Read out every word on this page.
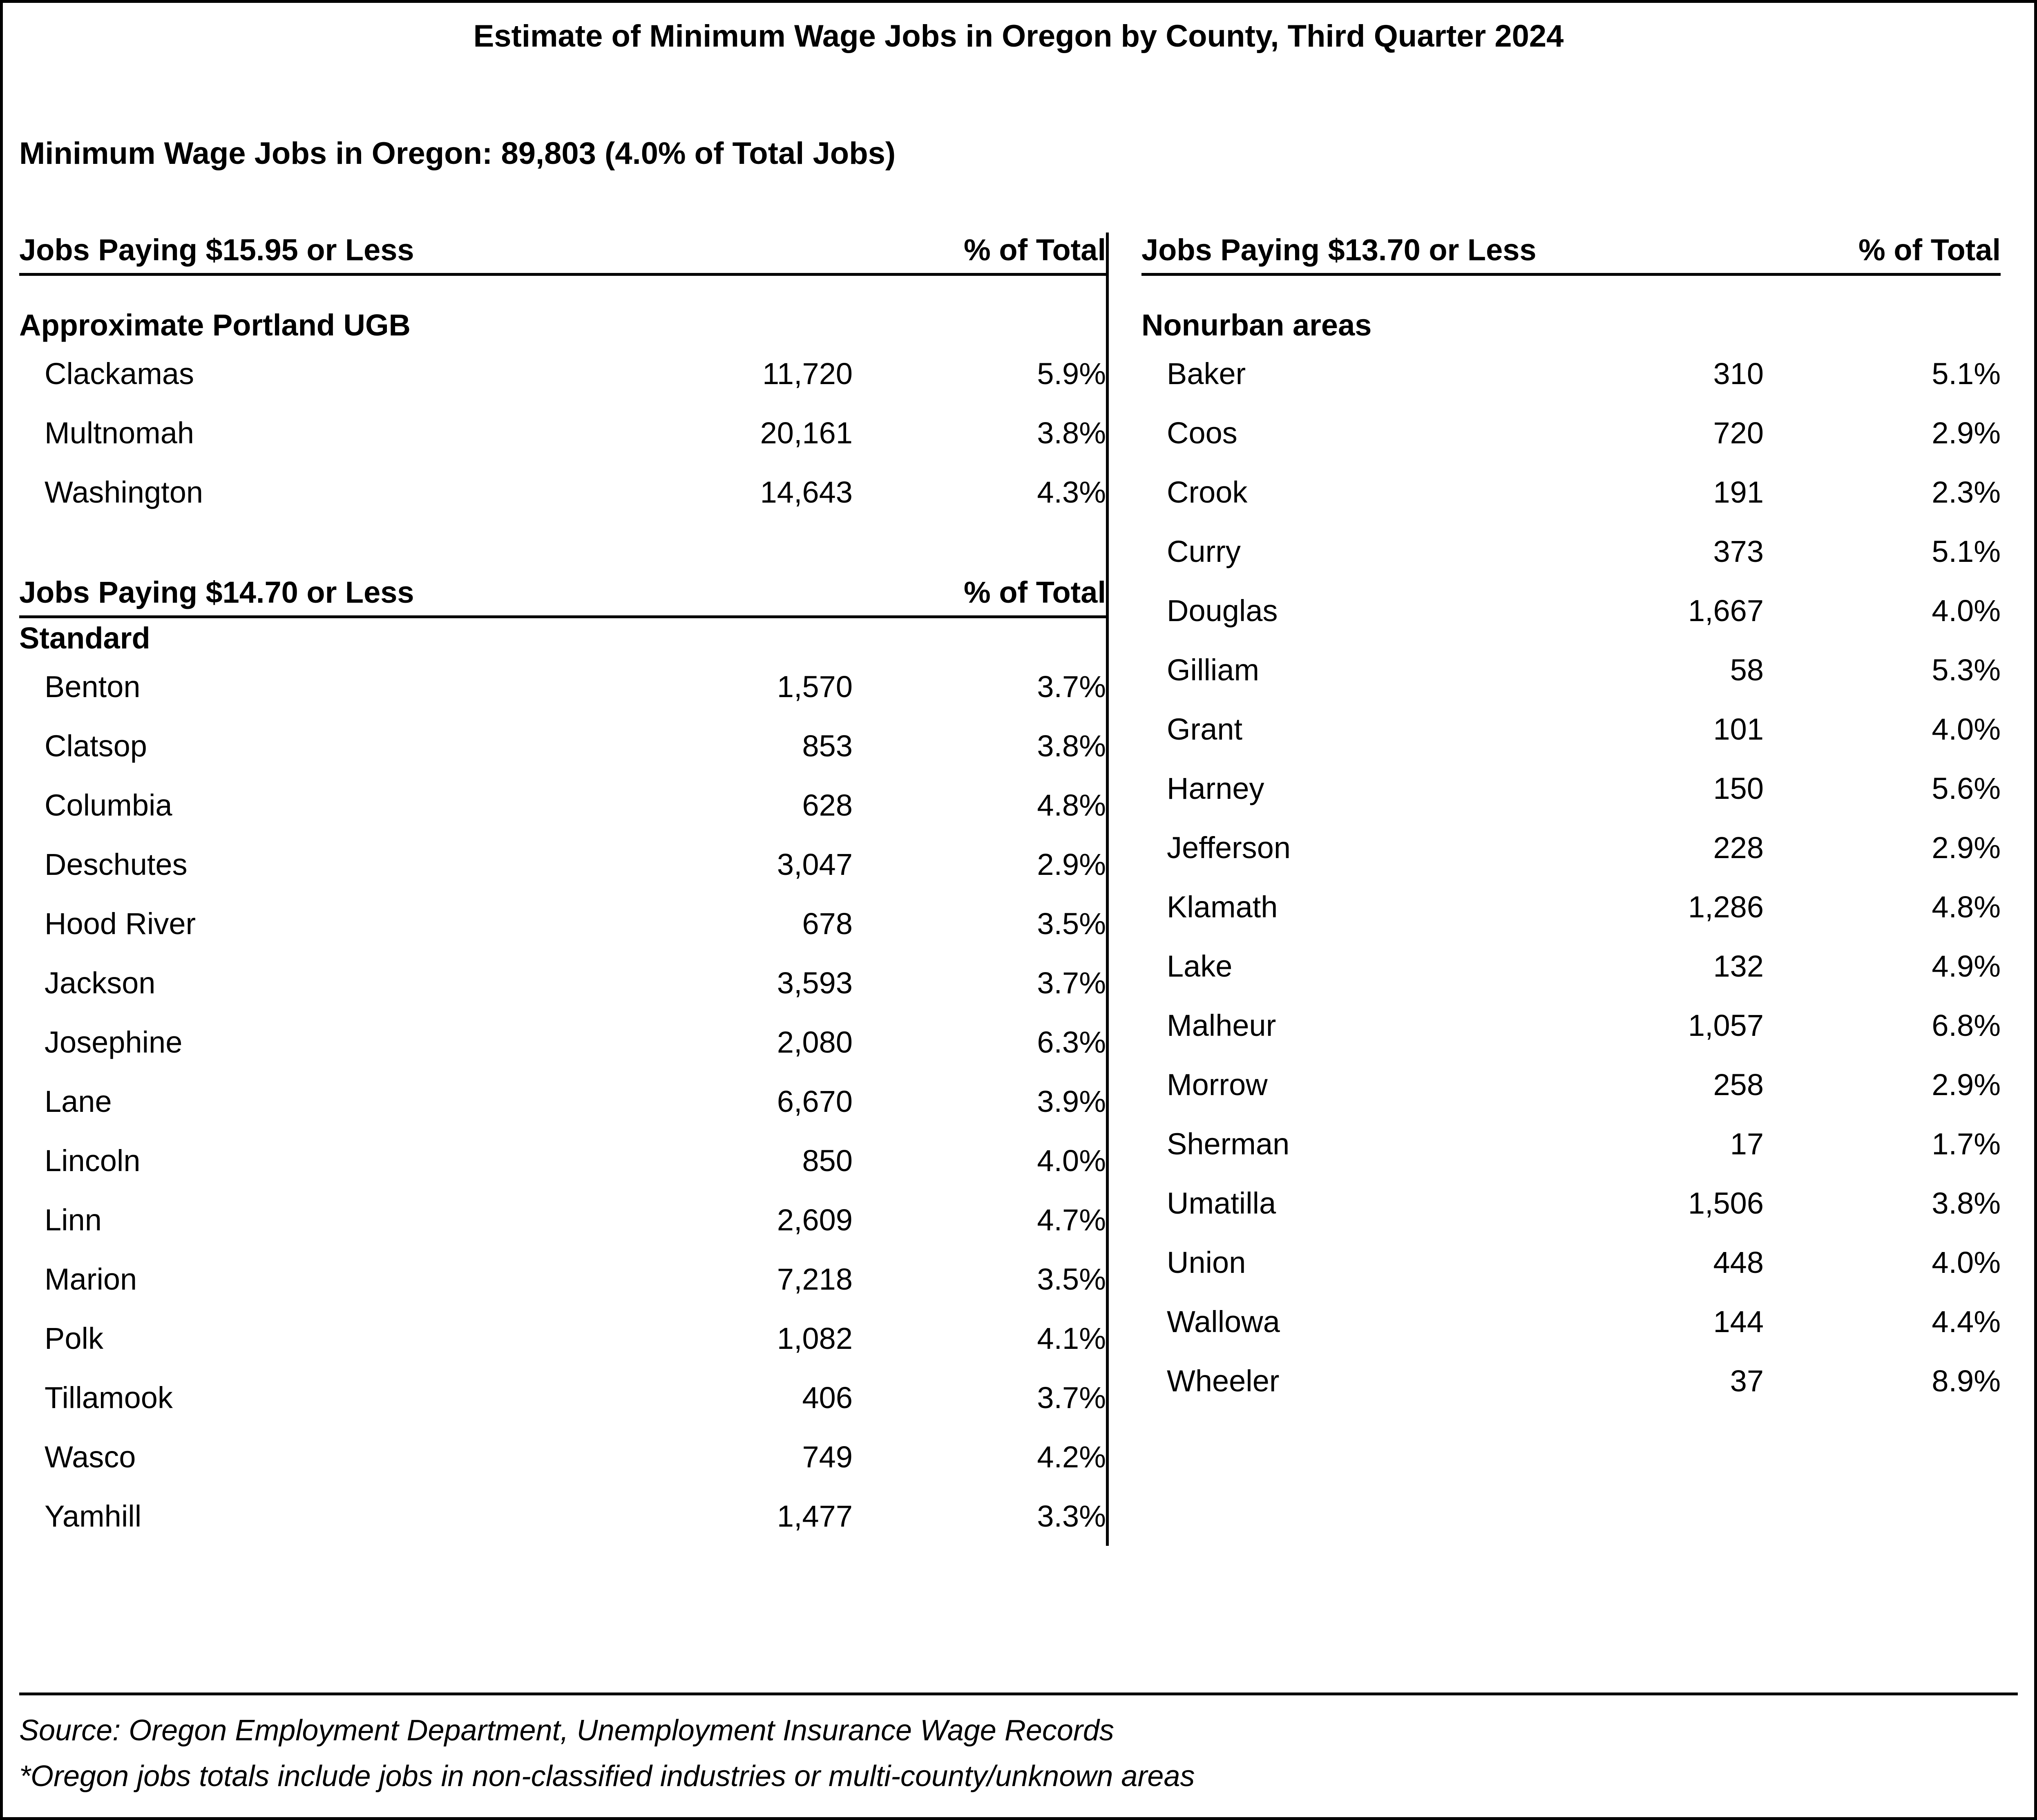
Estimate of Minimum Wage Jobs in Oregon by County, Third Quarter 2024
Minimum Wage Jobs in Oregon: 89,803 (4.0% of Total Jobs)
Jobs Paying $15.95 or Less	% of Total
Approximate Portland UGB
Clackamas	11,720	5.9%
Multnomah	20,161	3.8%
Washington	14,643	4.3%
Jobs Paying $14.70 or Less	% of Total
Standard
Benton	1,570	3.7%
Clatsop	853	3.8%
Columbia	628	4.8%
Deschutes	3,047	2.9%
Hood River	678	3.5%
Jackson	3,593	3.7%
Josephine	2,080	6.3%
Lane	6,670	3.9%
Lincoln	850	4.0%
Linn	2,609	4.7%
Marion	7,218	3.5%
Polk	1,082	4.1%
Tillamook	406	3.7%
Wasco	749	4.2%
Yamhill	1,477	3.3%
Jobs Paying $13.70 or Less	% of Total
Nonurban areas
Baker	310	5.1%
Coos	720	2.9%
Crook	191	2.3%
Curry	373	5.1%
Douglas	1,667	4.0%
Gilliam	58	5.3%
Grant	101	4.0%
Harney	150	5.6%
Jefferson	228	2.9%
Klamath	1,286	4.8%
Lake	132	4.9%
Malheur	1,057	6.8%
Morrow	258	2.9%
Sherman	17	1.7%
Umatilla	1,506	3.8%
Union	448	4.0%
Wallowa	144	4.4%
Wheeler	37	8.9%
Source: Oregon Employment Department, Unemployment Insurance Wage Records
*Oregon jobs totals include jobs in non-classified industries or multi-county/unknown areas
